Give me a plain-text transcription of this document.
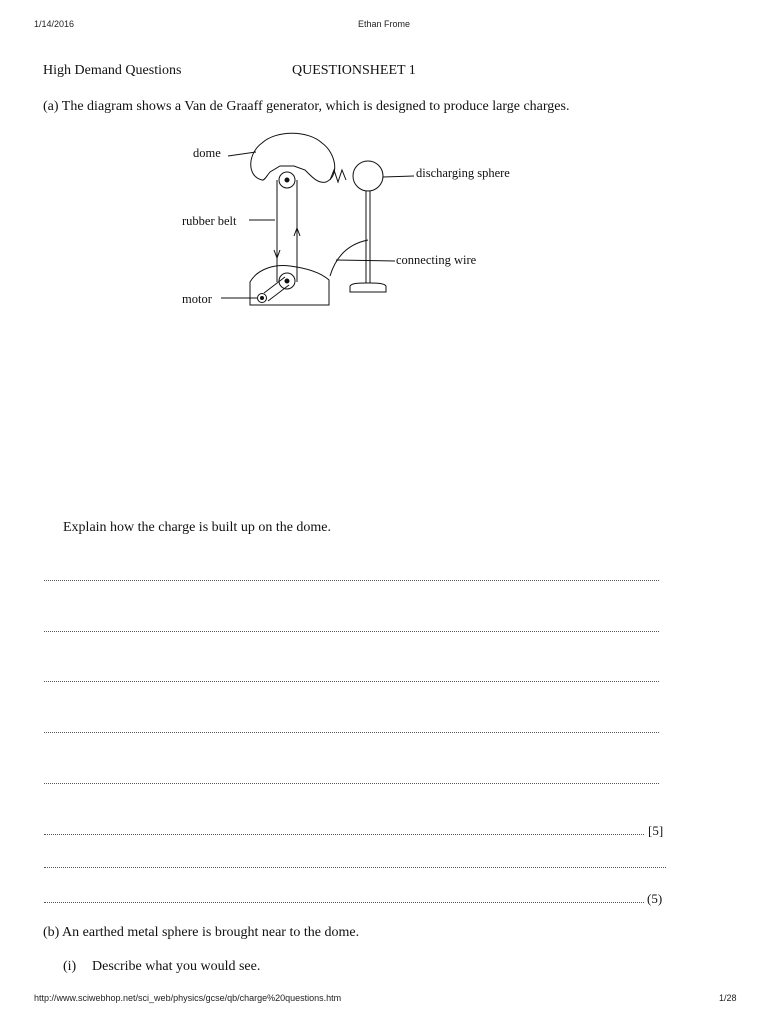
1/14/2016	Ethan Frome
High Demand Questions	QUESTIONSHEET 1
(a) The diagram shows a Van de Graaff generator, which is designed to produce large charges.
dome
discharging sphere
rubber belt
connecting wire
motor
Explain how the charge is built up on the dome.
[5]
(5)
(b) An earthed metal sphere is brought near to the dome.
(i) Describe what you would see.
http://www.sciwebhop.net/sci_web/physics/gcse/qb/charge%20questions.htm	1/28
